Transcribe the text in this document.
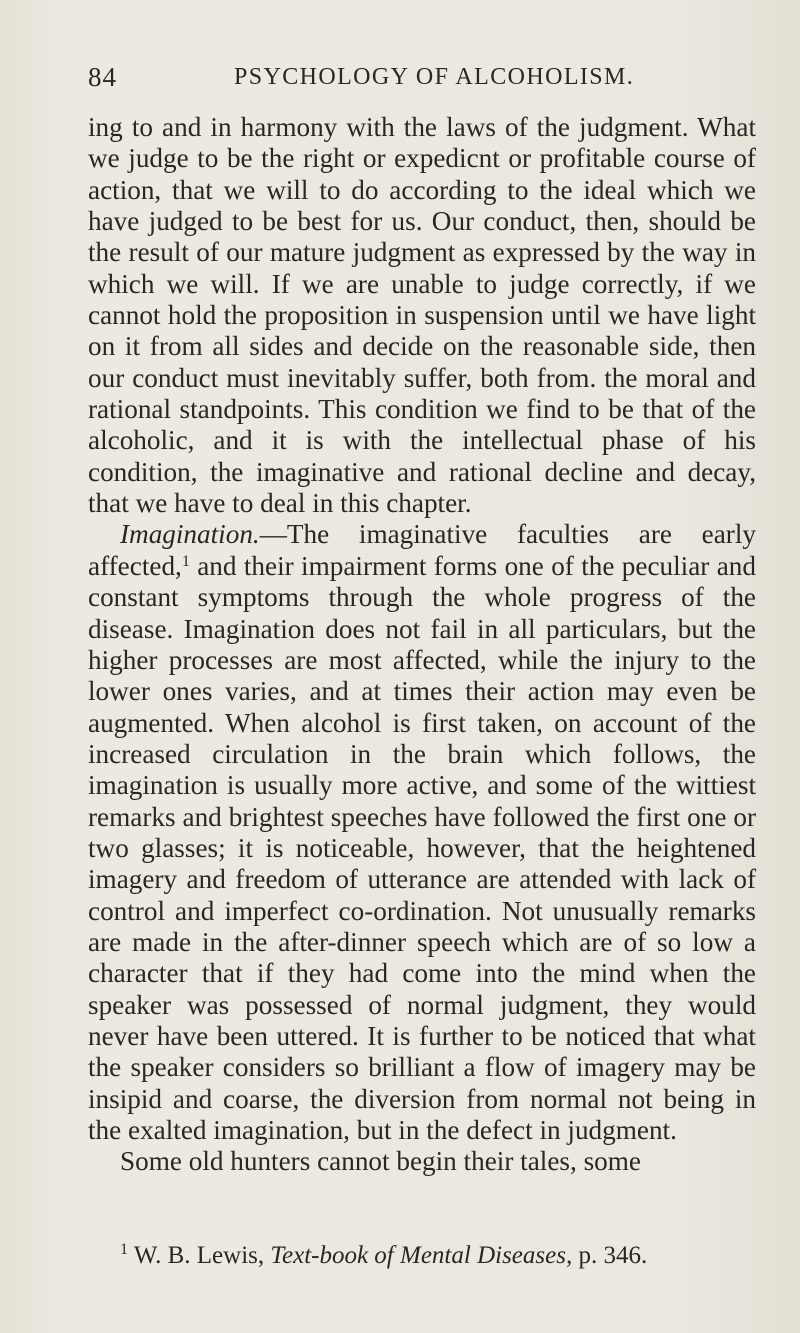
84	PSYCHOLOGY OF ALCOHOLISM.

ing to and in harmony with the laws of the judgment. What we judge to be the right or expedicnt or profitable course of action, that we will to do according to the ideal which we have judged to be best for us. Our conduct, then, should be the result of our mature judgment as expressed by the way in which we will. If we are unable to judge correctly, if we cannot hold the proposition in suspension until we have light on it from all sides and decide on the reasonable side, then our conduct must inevitably suffer, both from. the moral and rational standpoints. This condition we find to be that of the alcoholic, and it is with the intellectual phase of his condition, the imaginative and rational decline and decay, that we have to deal in this chapter.

Imagination.—The imaginative faculties are early affected,$^1$ and their impairment forms one of the peculiar and constant symptoms through the whole progress of the disease. Imagination does not fail in all particulars, but the higher processes are most affected, while the injury to the lower ones varies, and at times their action may even be augmented. When alcohol is first taken, on account of the increased circulation in the brain which follows, the imagination is usually more active, and some of the wittiest remarks and brightest speeches have followed the first one or two glasses; it is noticeable, however, that the heightened imagery and freedom of utterance are attended with lack of control and imperfect co-ordination. Not unusually remarks are made in the after-dinner speech which are of so low a character that if they had come into the mind when the speaker was possessed of normal judgment, they would never have been uttered. It is further to be noticed that what the speaker considers so brilliant a flow of imagery may be insipid and coarse, the diversion from normal not being in the exalted imagination, but in the defect in judgment.

Some old hunters cannot begin their tales, some

$^1$ W. B. Lewis, Text-book of Mental Diseases, p. 346.
